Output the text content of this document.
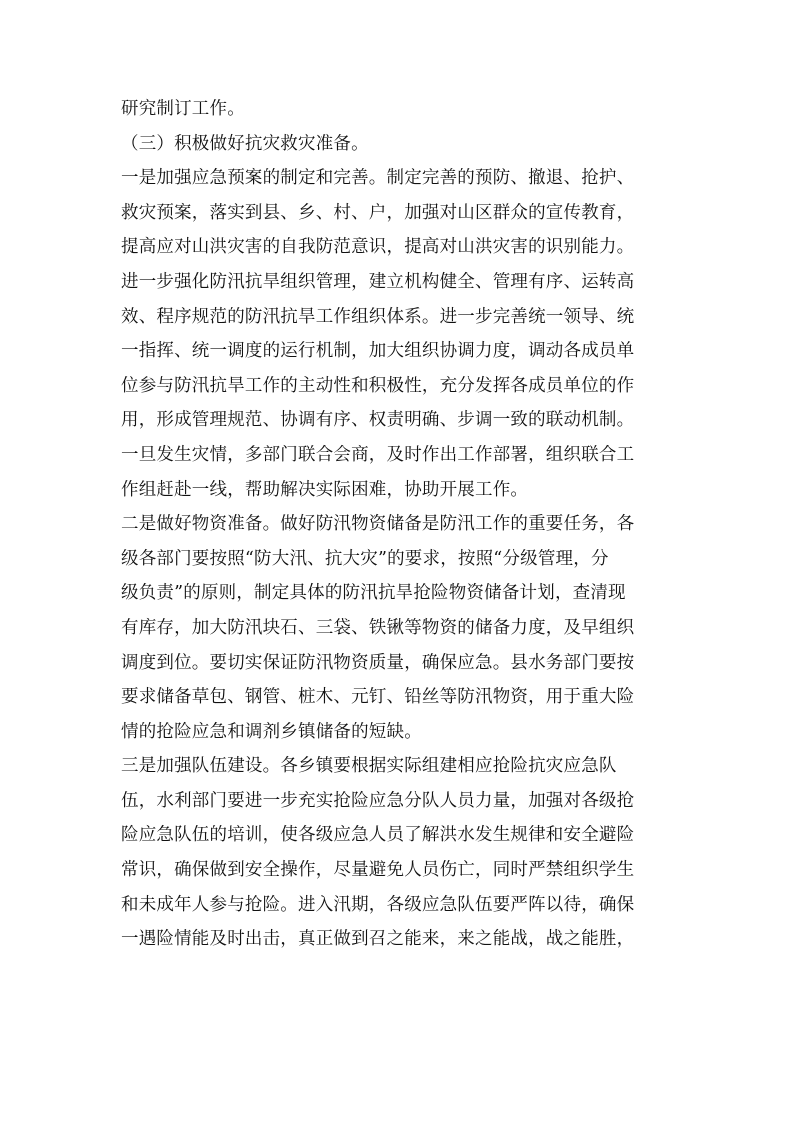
研究制订工作。
（三）积极做好抗灾救灾准备。
一是加强应急预案的制定和完善。制定完善的预防、撤退、抢护、
救灾预案，落实到县、乡、村、户，加强对山区群众的宣传教育，
提高应对山洪灾害的自我防范意识，提高对山洪灾害的识别能力。
进一步强化防汛抗旱组织管理，建立机构健全、管理有序、运转高
效、程序规范的防汛抗旱工作组织体系。进一步完善统一领导、统
一指挥、统一调度的运行机制，加大组织协调力度，调动各成员单
位参与防汛抗旱工作的主动性和积极性，充分发挥各成员单位的作
用，形成管理规范、协调有序、权责明确、步调一致的联动机制。
一旦发生灾情，多部门联合会商，及时作出工作部署，组织联合工
作组赶赴一线，帮助解决实际困难，协助开展工作。
二是做好物资准备。做好防汛物资储备是防汛工作的重要任务，各
级各部门要按照“防大汛、抗大灾”的要求，按照“分级管理，分
级负责”的原则，制定具体的防汛抗旱抢险物资储备计划，查清现
有库存，加大防汛块石、三袋、铁锹等物资的储备力度，及早组织
调度到位。要切实保证防汛物资质量，确保应急。县水务部门要按
要求储备草包、钢管、桩木、元钉、铅丝等防汛物资，用于重大险
情的抢险应急和调剂乡镇储备的短缺。
三是加强队伍建设。各乡镇要根据实际组建相应抢险抗灾应急队
伍，水利部门要进一步充实抢险应急分队人员力量，加强对各级抢
险应急队伍的培训，使各级应急人员了解洪水发生规律和安全避险
常识，确保做到安全操作，尽量避免人员伤亡，同时严禁组织学生
和未成年人参与抢险。进入汛期，各级应急队伍要严阵以待，确保
一遇险情能及时出击，真正做到召之能来，来之能战，战之能胜，
